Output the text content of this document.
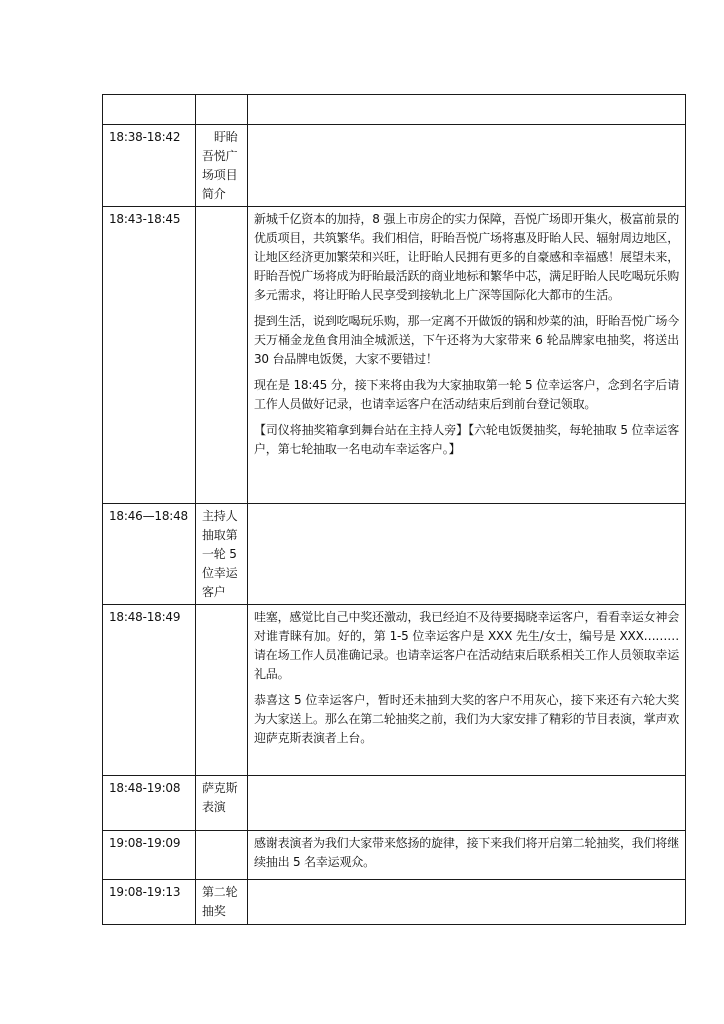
18:38-18:42	盱眙吾悦广场项目简介	
18:43-18:45		新城千亿资本的加持，8 强上市房企的实力保障，吾悦广场即开集火，极富前景的优质项目，共筑繁华。我们相信，盱眙吾悦广场将惠及盱眙人民、辐射周边地区，让地区经济更加繁荣和兴旺，让盱眙人民拥有更多的自豪感和幸福感！展望未来，盱眙吾悦广场将成为盱眙最活跃的商业地标和繁华中芯，满足盱眙人民吃喝玩乐购多元需求，将让盱眙人民享受到接轨北上广深等国际化大都市的生活。

提到生活，说到吃喝玩乐购，那一定离不开做饭的锅和炒菜的油，盱眙吾悦广场今天万桶金龙鱼食用油全城派送，下午还将为大家带来 6 轮品牌家电抽奖，将送出 30 台品牌电饭煲，大家不要错过！

现在是 18:45 分，接下来将由我为大家抽取第一轮 5 位幸运客户，念到名字后请工作人员做好记录，也请幸运客户在活动结束后到前台登记领取。

【司仪将抽奖箱拿到舞台站在主持人旁】【六轮电饭煲抽奖，每轮抽取 5 位幸运客户，第七轮抽取一名电动车幸运客户。】

18:46—18:48	主持人抽取第一轮 5 位幸运客户	
18:48-18:49		哇塞，感觉比自己中奖还激动，我已经迫不及待要揭晓幸运客户，看看幸运女神会对谁青睐有加。好的，第 1-5 位幸运客户是 XXX 先生/女士，编号是 XXX………请在场工作人员准确记录。也请幸运客户在活动结束后联系相关工作人员领取幸运礼品。

恭喜这 5 位幸运客户，暂时还未抽到大奖的客户不用灰心，接下来还有六轮大奖为大家送上。那么在第二轮抽奖之前，我们为大家安排了精彩的节目表演，掌声欢迎萨克斯表演者上台。

18:48-19:08	萨克斯表演	
19:08-19:09		感谢表演者为我们大家带来悠扬的旋律，接下来我们将开启第二轮抽奖，我们将继续抽出 5 名幸运观众。

19:08-19:13	第二轮抽奖	
